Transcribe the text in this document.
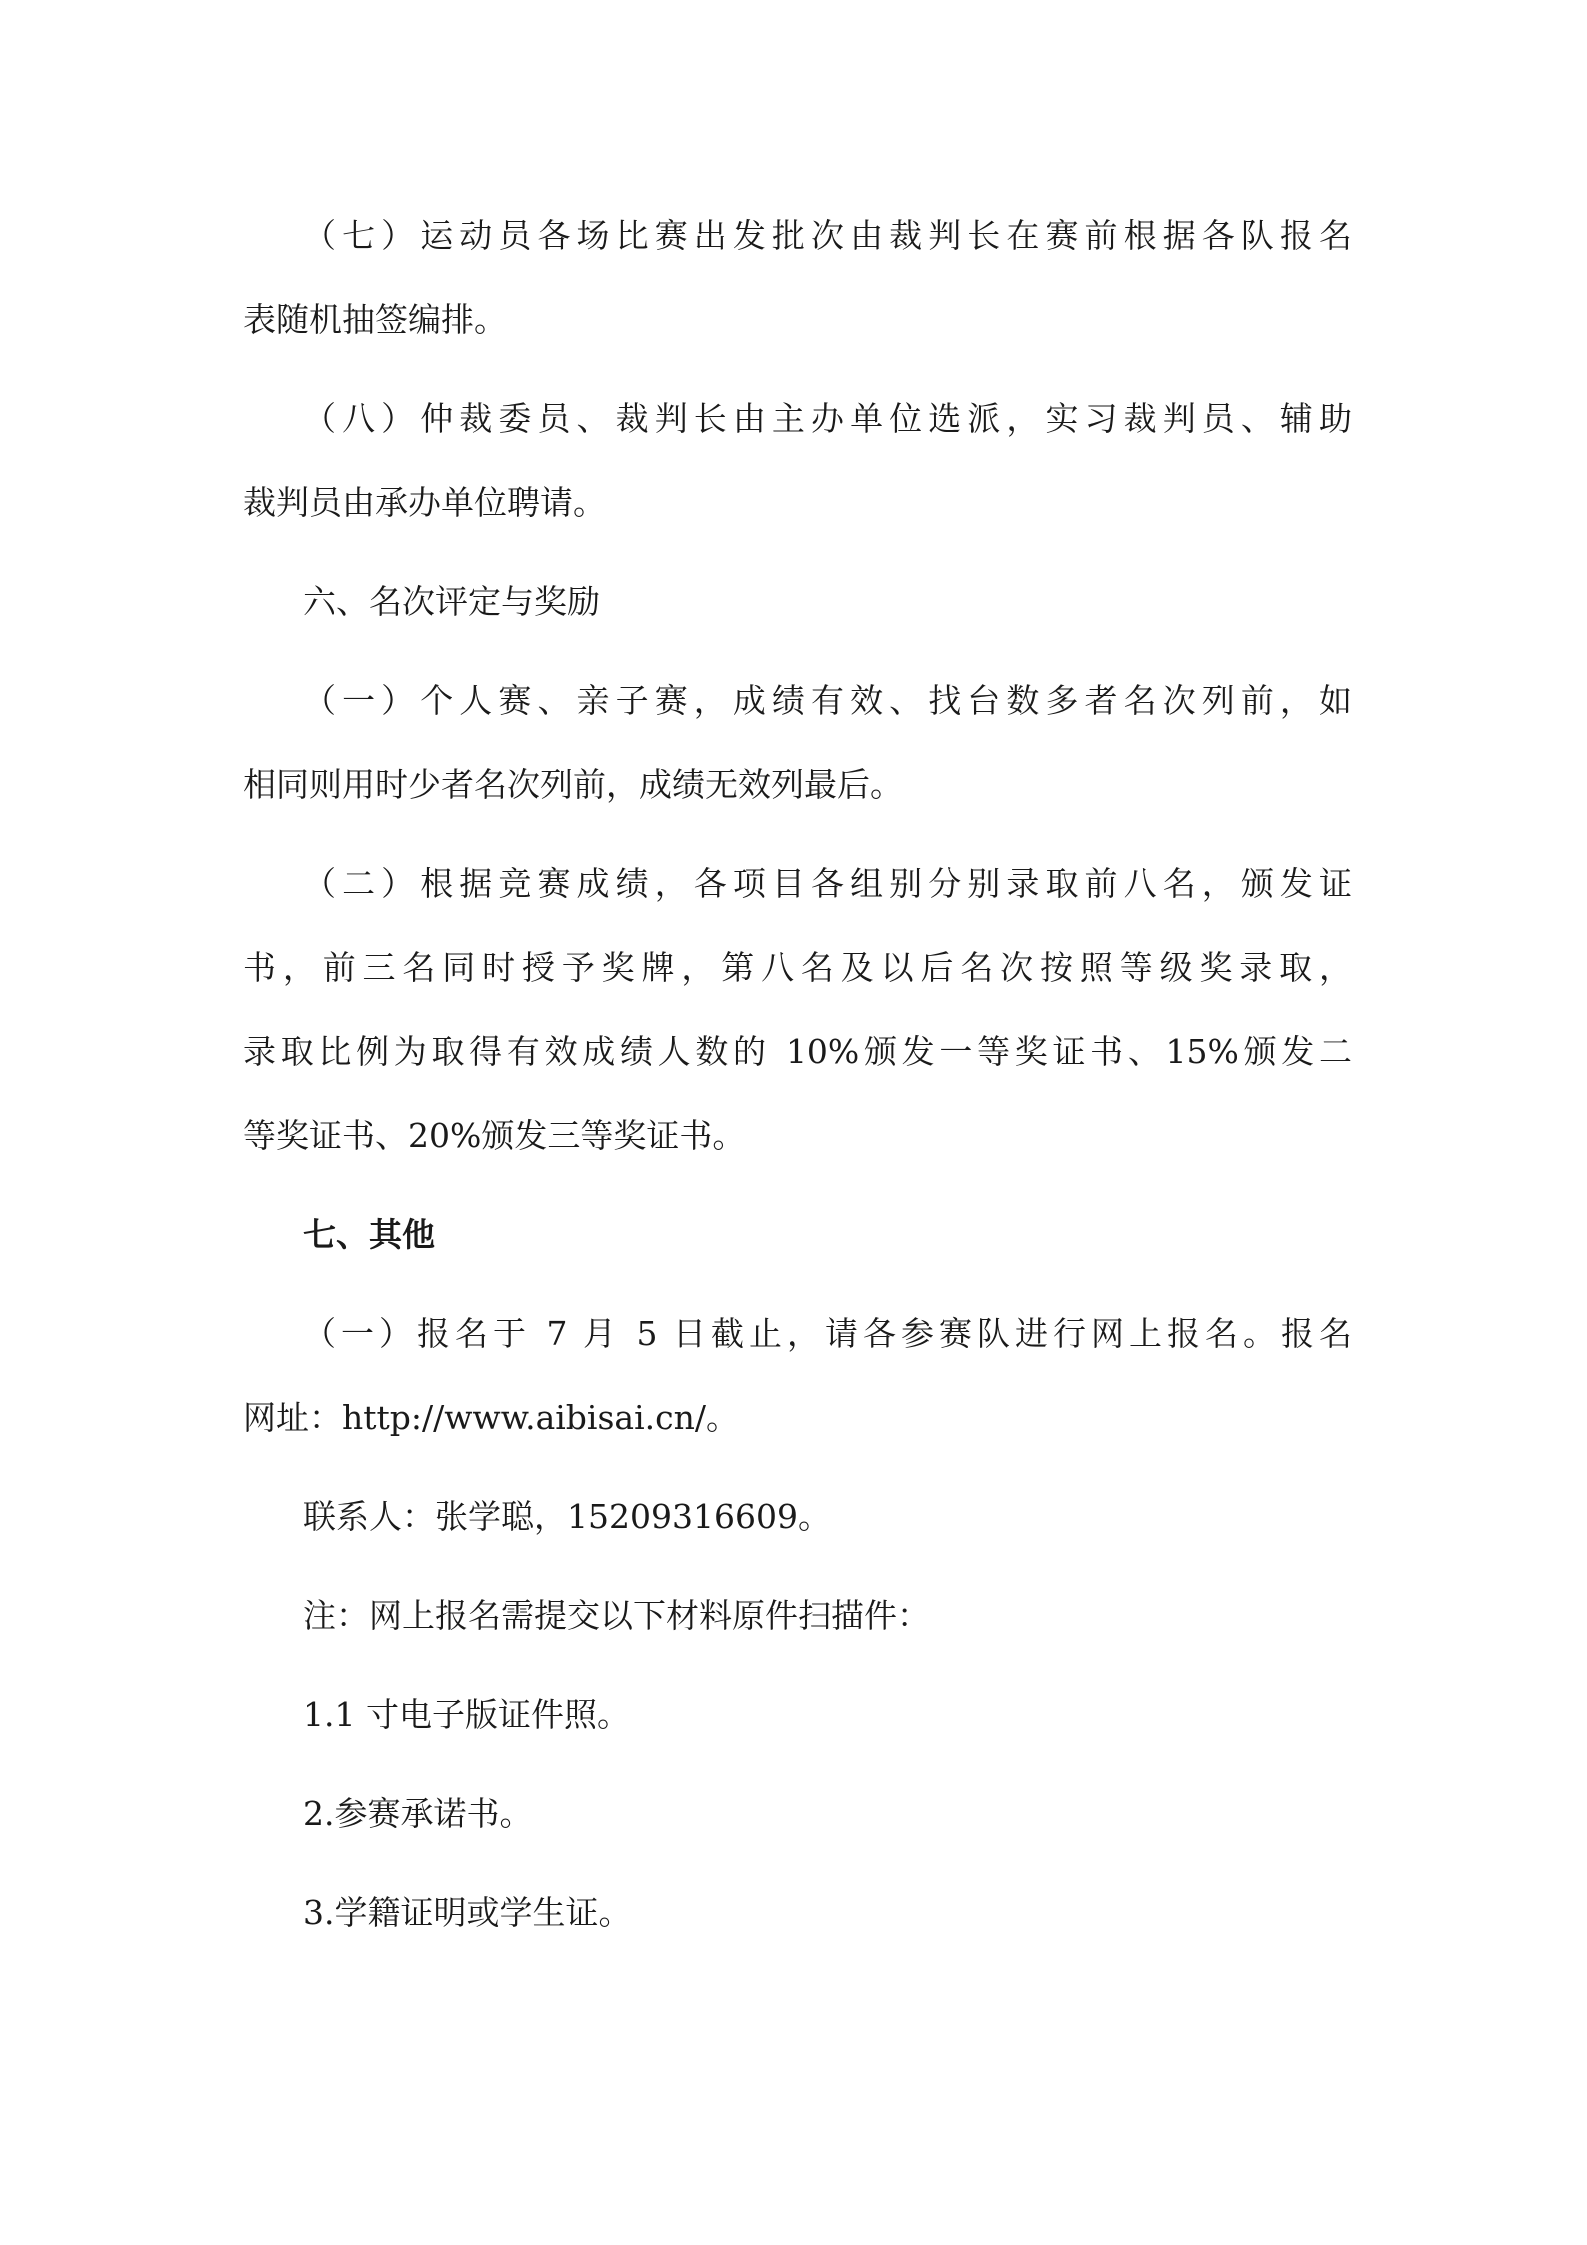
（七）运动员各场比赛出发批次由裁判长在赛前根据各队报名
表随机抽签编排。
（八）仲裁委员、裁判长由主办单位选派，实习裁判员、辅助
裁判员由承办单位聘请。
六、名次评定与奖励
（一）个人赛、亲子赛，成绩有效、找台数多者名次列前，如
相同则用时少者名次列前，成绩无效列最后。
（二）根据竞赛成绩，各项目各组别分别录取前八名，颁发证
书，前三名同时授予奖牌，第八名及以后名次按照等级奖录取，
录取比例为取得有效成绩人数的 10%颁发一等奖证书、15%颁发二
等奖证书、20%颁发三等奖证书。
七、其他
（一）报名于 7 月 5 日截止，请各参赛队进行网上报名。报名
网址：http://www.aibisai.cn/。
联系人：张学聪，15209316609。
注：网上报名需提交以下材料原件扫描件：
1.1 寸电子版证件照。
2.参赛承诺书。
3.学籍证明或学生证。
